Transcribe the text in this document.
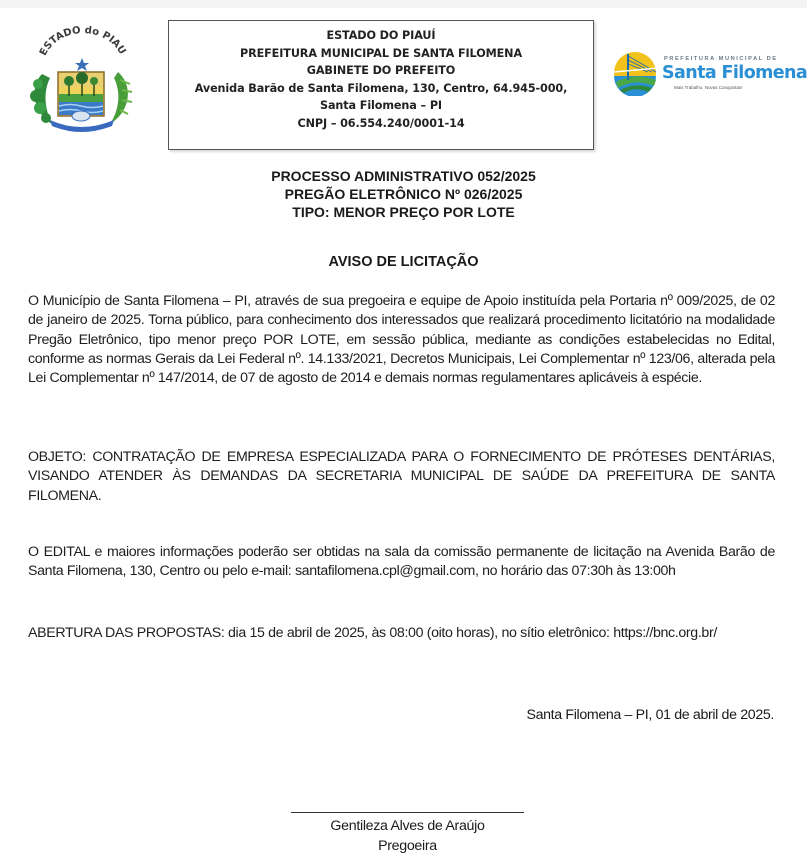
ESTADO do PIAU
ESTADO DO PIAUÍ
PREFEITURA MUNICIPAL DE SANTA FILOMENA
GABINETE DO PREFEITO
Avenida Barão de Santa Filomena, 130, Centro, 64.945-000,
Santa Filomena – PI
CNPJ – 06.554.240/0001-14
PREFEITURA MUNICIPAL DE
Santa Filomena
Mais Trabalho, Novas Conquistas!
PROCESSO ADMINISTRATIVO 052/2025
PREGÃO ELETRÔNICO Nº 026/2025
TIPO: MENOR PREÇO POR LOTE
AVISO DE LICITAÇÃO

O Município de Santa Filomena – PI, através de sua pregoeira e equipe de Apoio instituída pela Portaria nº 009/2025, de 02 de janeiro de 2025. Torna público, para conhecimento dos interessados que realizará procedimento licitatório na modalidade Pregão Eletrônico, tipo menor preço POR LOTE, em sessão pública, mediante as condições estabelecidas no Edital, conforme as normas Gerais da Lei Federal nº. 14.133/2021, Decretos Municipais, Lei Complementar nº 123/06, alterada pela Lei Complementar nº 147/2014, de 07 de agosto de 2014 e demais normas regulamentares aplicáveis à espécie.

OBJETO: CONTRATAÇÃO DE EMPRESA ESPECIALIZADA PARA O FORNECIMENTO DE PRÓTESES DENTÁRIAS, VISANDO ATENDER ÀS DEMANDAS DA SECRETARIA MUNICIPAL DE SAÚDE DA PREFEITURA DE SANTA FILOMENA.

O EDITAL e maiores informações poderão ser obtidas na sala da comissão permanente de licitação na Avenida Barão de Santa Filomena, 130, Centro ou pelo e-mail: santafilomena.cpl@gmail.com, no horário das 07:30h às 13:00h

ABERTURA DAS PROPOSTAS: dia 15 de abril de 2025, às 08:00 (oito horas), no sítio eletrônico: https://bnc.org.br/

Santa Filomena – PI, 01 de abril de 2025.
Gentileza Alves de Araújo
Pregoeira
